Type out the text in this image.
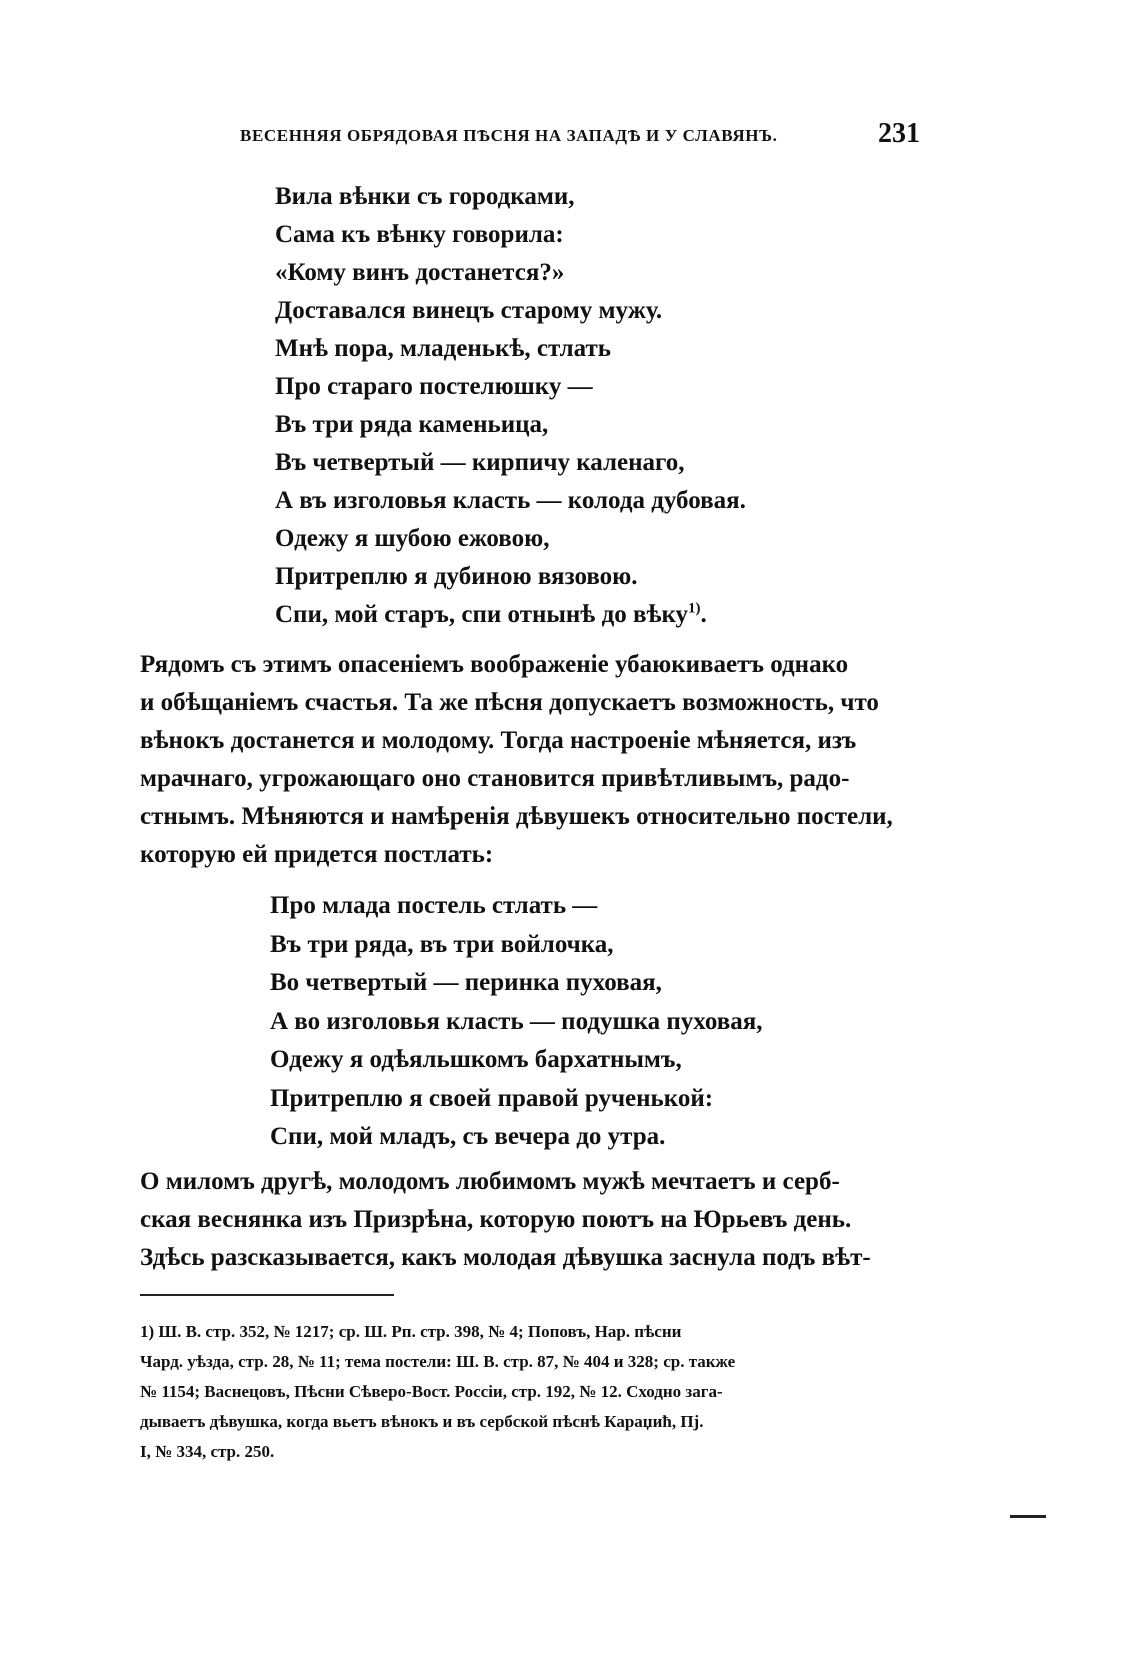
ВЕСЕННЯЯ ОБРЯДОВАЯ ПѢСНЯ НА ЗАПАДѢ И У СЛАВЯНЪ.	231
Вила вѣнки съ городками,
Сама къ вѣнку говорила:
«Кому винъ достанется?»
Доставался винецъ старому мужу.
Мнѣ пора, младенькѣ, стлать
Про стараго постелюшку —
Въ три ряда каменьица,
Въ четвертый — кирпичу каленаго,
А въ изголовья класть — колода дубовая.
Одежу я шубою ежовою,
Притреплю я дубиною вязовою.
Спи, мой старъ, спи отнынѣ до вѣку$^{1)}$.
Рядомъ съ этимъ опасеніемъ воображеніе убаюкиваетъ однако
и обѣщаніемъ счастья. Та же пѣсня допускаетъ возможность, что
вѣнокъ достанется и молодому. Тогда настроеніе мѣняется, изъ
мрачнаго, угрожающаго оно становится привѣтливымъ, радо-
стнымъ. Мѣняются и намѣренія дѣвушекъ относительно постели,
которую ей придется постлать:
Про млада постель стлать —
Въ три ряда, въ три войлочка,
Во четвертый — перинка пуховая,
А во изголовья класть — подушка пуховая,
Одежу я одѣяльшкомъ бархатнымъ,
Притреплю я своей правой рученькой:
Спи, мой младъ, съ вечера до утра.
О миломъ другѣ, молодомъ любимомъ мужѣ мечтаетъ и серб-
ская веснянка изъ Призрѣна, которую поютъ на Юрьевъ день.
Здѣсь разсказывается, какъ молодая дѣвушка заснула подъ вѣт-
1) Ш. В. стр. 352, № 1217; ср. Ш. Рп. стр. 398, № 4; Поповъ, Нар. пѣсни
Чард. уѣзда, стр. 28, № 11; тема постели: Ш. В. стр. 87, № 404 и 328; ср. также
№ 1154; Васнецовъ, Пѣсни Сѣверо-Вост. Россіи, стр. 192, № 12. Сходно зага-
дываетъ дѣвушка, когда вьетъ вѣнокъ и въ сербской пѣснѣ Караџић, Пј.
I, № 334, стр. 250.
